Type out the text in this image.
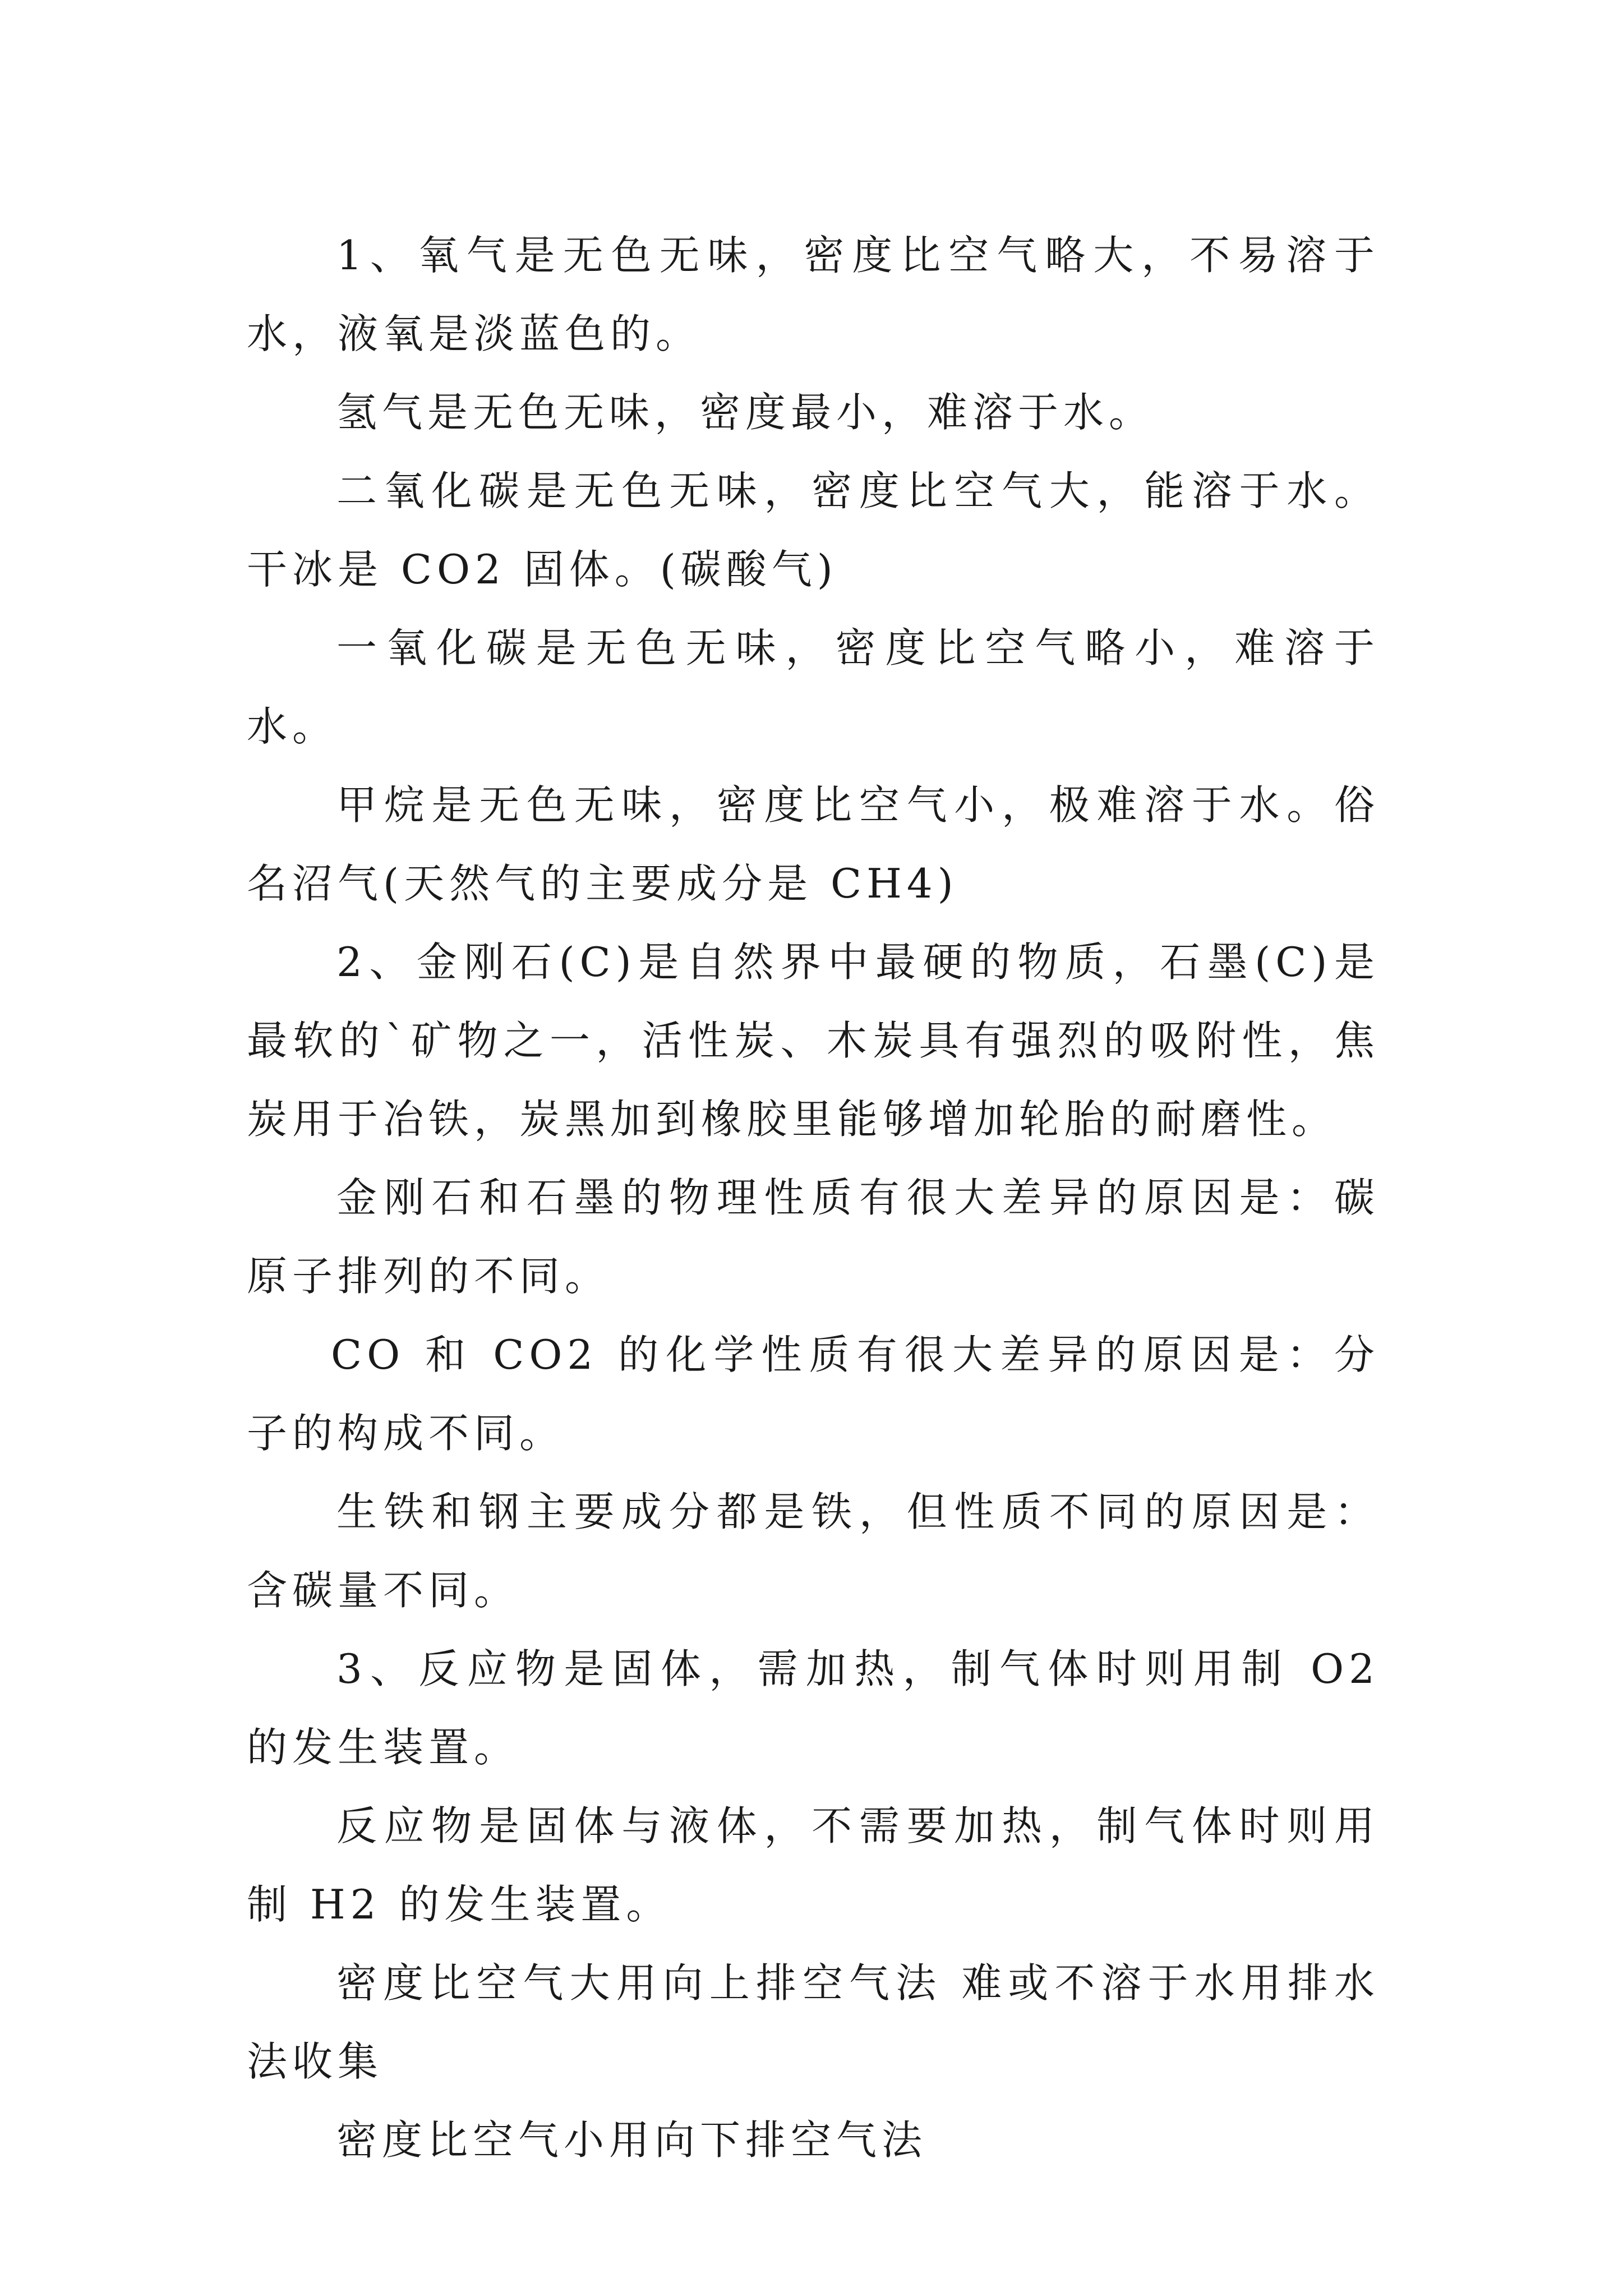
1、氧气是无色无味，密度比空气略大，不易溶于水，液氧是淡蓝色的。

氢气是无色无味，密度最小，难溶于水。

二氧化碳是无色无味，密度比空气大，能溶于水。干冰是 CO2 固体。(碳酸气)

一氧化碳是无色无味，密度比空气略小，难溶于水。

甲烷是无色无味，密度比空气小，极难溶于水。俗名沼气(天然气的主要成分是 CH4)

2、金刚石(C)是自然界中最硬的物质，石墨(C)是最软的`矿物之一，活性炭、木炭具有强烈的吸附性，焦炭用于冶铁，炭黑加到橡胶里能够增加轮胎的耐磨性。

金刚石和石墨的物理性质有很大差异的原因是：碳原子排列的不同。

CO 和 CO2 的化学性质有很大差异的原因是：分子的构成不同。

生铁和钢主要成分都是铁，但性质不同的原因是：含碳量不同。

3、反应物是固体，需加热，制气体时则用制 O2 的发生装置。

反应物是固体与液体，不需要加热，制气体时则用制 H2 的发生装置。

密度比空气大用向上排空气法 难或不溶于水用排水法收集

密度比空气小用向下排空气法
